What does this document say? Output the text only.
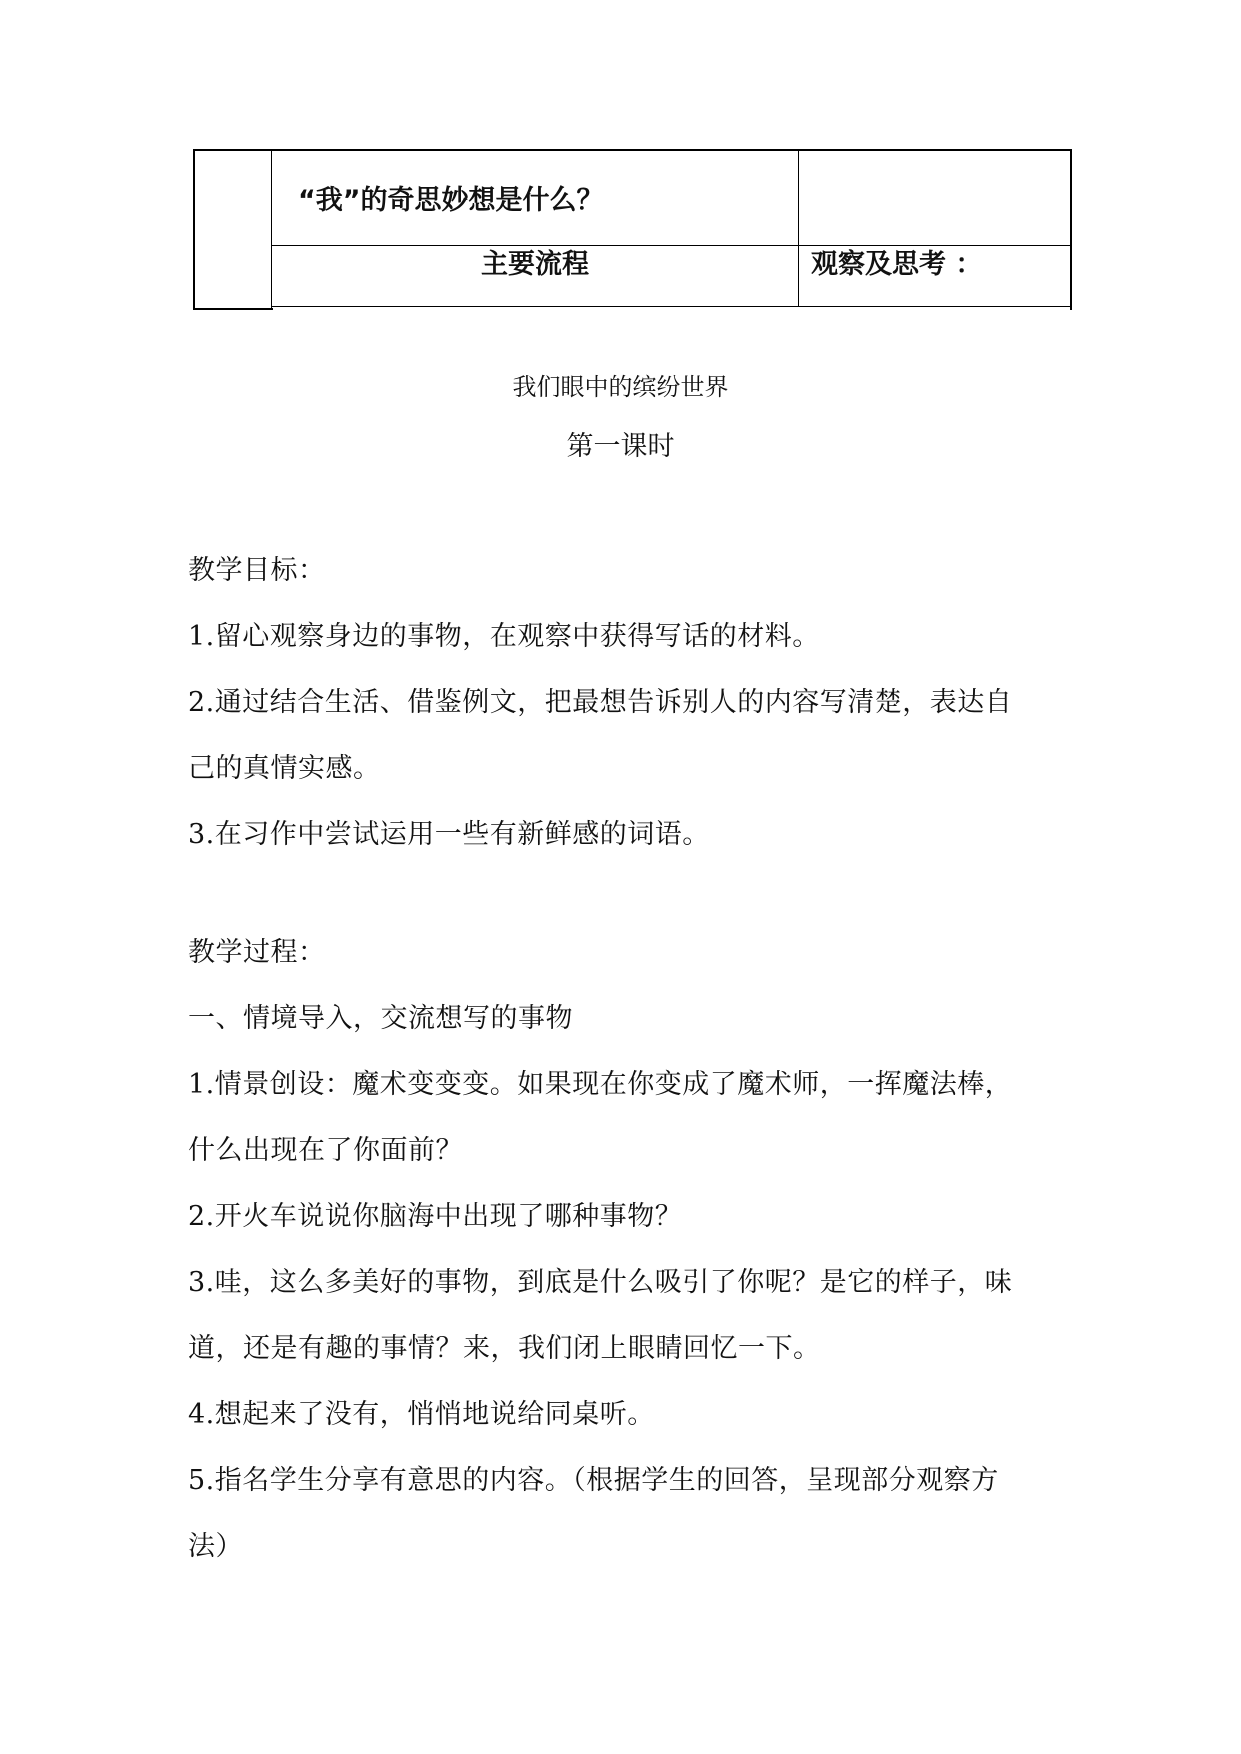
“我”的奇思妙想是什么？
主要流程	观察及思考 ：
我们眼中的缤纷世界
第一课时

教学目标：

1.留心观察身边的事物，在观察中获得写话的材料。

2.通过结合生活、借鉴例文，把最想告诉别人的内容写清楚，表达自

己的真情实感。

3.在习作中尝试运用一些有新鲜感的词语。

教学过程：

一、情境导入，交流想写的事物

1.情景创设：魔术变变变。如果现在你变成了魔术师，一挥魔法棒，

什么出现在了你面前？

2.开火车说说你脑海中出现了哪种事物？

3.哇，这么多美好的事物，到底是什么吸引了你呢？是它的样子，味

道，还是有趣的事情？来，我们闭上眼睛回忆一下。

4.想起来了没有，悄悄地说给同桌听。

5.指名学生分享有意思的内容。（根据学生的回答，呈现部分观察方

法）
